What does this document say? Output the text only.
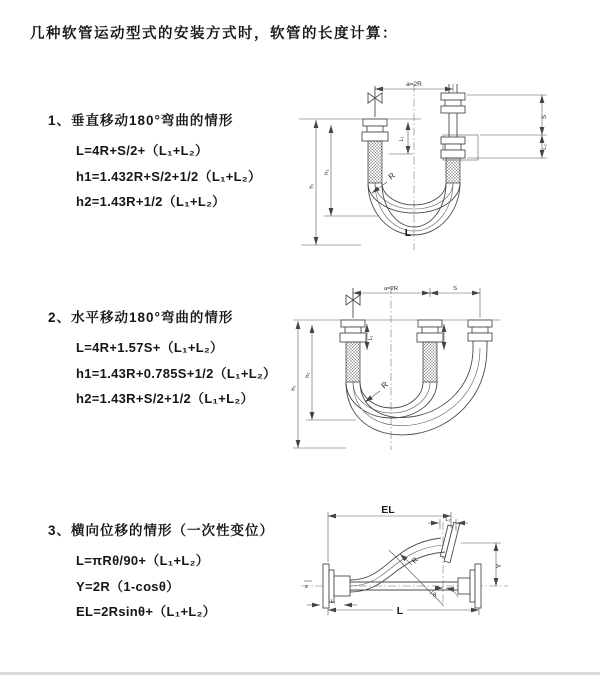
几种软管运动型式的安装方式时，软管的长度计算：

1、垂直移动180°弯曲的情形

L=4R+S/2+（L₁+L₂）

h1=1.432R+S/2+1/2（L₁+L₂）

h2=1.43R+1/2（L₁+L₂）

2、水平移动180°弯曲的情形

L=4R+1.57S+（L₁+L₂）

h1=1.43R+0.785S+1/2（L₁+L₂）

h2=1.43R+S/2+1/2（L₁+L₂）

3、横向位移的情形（一次性变位）

L=πRθ/90+（L₁+L₂）

Y=2R（1-cosθ）

EL=2Rsinθ+（L₁+L₂）

a=2R
S
L₂
h₁
h₂
L₁
R
L
a=2R	S
h₁
h₂
L₁
R
z
θ
R
EL
L₂
Y
L
L₁
